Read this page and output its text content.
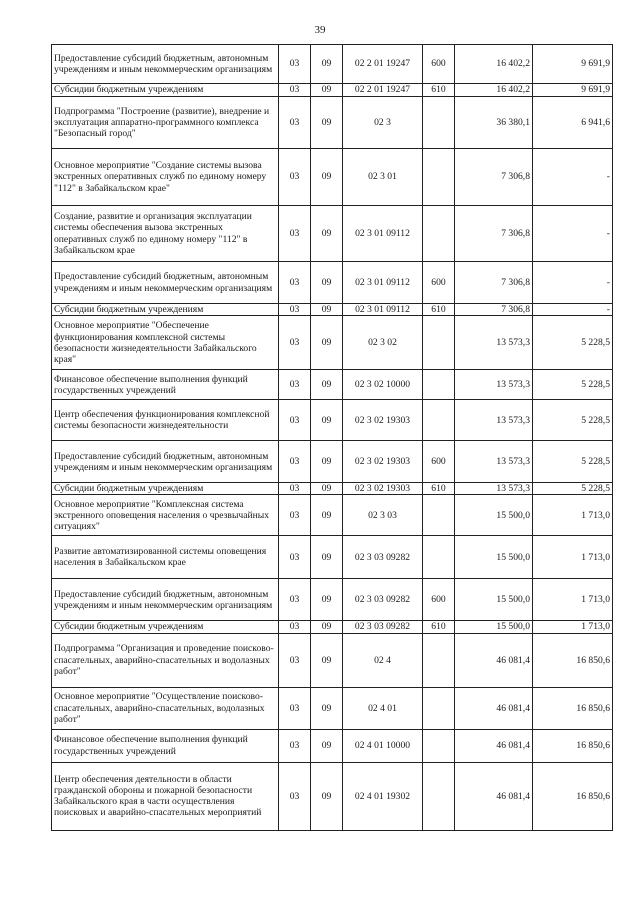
39
Предоставление субсидий бюджетным, автономным учреждениям и иным некоммерческим организациям	03	09	02 2 01 19247	600	16 402,2	9 691,9
Субсидии бюджетным учреждениям	03	09	02 2 01 19247	610	16 402,2	9 691,9
Подпрограмма "Построение (развитие), внедрение и эксплуатация аппаратно-программного комплекса "Безопасный город"	03	09	02 3		36 380,1	6 941,6
Основное мероприятие "Создание системы вызова экстренных оперативных служб по единому номеру "112" в Забайкальском крае"	03	09	02 3 01		7 306,8	-
Создание, развитие и организация эксплуатации системы обеспечения вызова экстренных оперативных служб по единому номеру "112" в Забайкальском крае	03	09	02 3 01 09112		7 306,8	-
Предоставление субсидий бюджетным, автономным учреждениям и иным некоммерческим организациям	03	09	02 3 01 09112	600	7 306,8	-
Субсидии бюджетным учреждениям	03	09	02 3 01 09112	610	7 306,8	-
Основное мероприятие "Обеспечение функционирования комплексной системы безопасности жизнедеятельности Забайкальского края"	03	09	02 3 02		13 573,3	5 228,5
Финансовое обеспечение выполнения функций государственных учреждений	03	09	02 3 02 10000		13 573,3	5 228,5
Центр обеспечения функционирования комплексной системы безопасности жизнедеятельности	03	09	02 3 02 19303		13 573,3	5 228,5
Предоставление субсидий бюджетным, автономным учреждениям и иным некоммерческим организациям	03	09	02 3 02 19303	600	13 573,3	5 228,5
Субсидии бюджетным учреждениям	03	09	02 3 02 19303	610	13 573,3	5 228,5
Основное мероприятие "Комплексная система экстренного оповещения населения о чрезвычайных ситуациях"	03	09	02 3 03		15 500,0	1 713,0
Развитие автоматизированной системы оповещения населения в Забайкальском крае	03	09	02 3 03 09282		15 500,0	1 713,0
Предоставление субсидий бюджетным, автономным учреждениям и иным некоммерческим организациям	03	09	02 3 03 09282	600	15 500,0	1 713,0
Субсидии бюджетным учреждениям	03	09	02 3 03 09282	610	15 500,0	1 713,0
Подпрограмма "Организация и проведение поисково-спасательных, аварийно-спасательных и водолазных работ"	03	09	02 4		46 081,4	16 850,6
Основное мероприятие "Осуществление поисково-спасательных, аварийно-спасательных, водолазных работ"	03	09	02 4 01		46 081,4	16 850,6
Финансовое обеспечение выполнения функций государственных учреждений	03	09	02 4 01 10000		46 081,4	16 850,6
Центр обеспечения деятельности в области гражданской обороны и пожарной безопасности Забайкальского края в части осуществления поисковых и аварийно-спасательных мероприятий	03	09	02 4 01 19302		46 081,4	16 850,6
